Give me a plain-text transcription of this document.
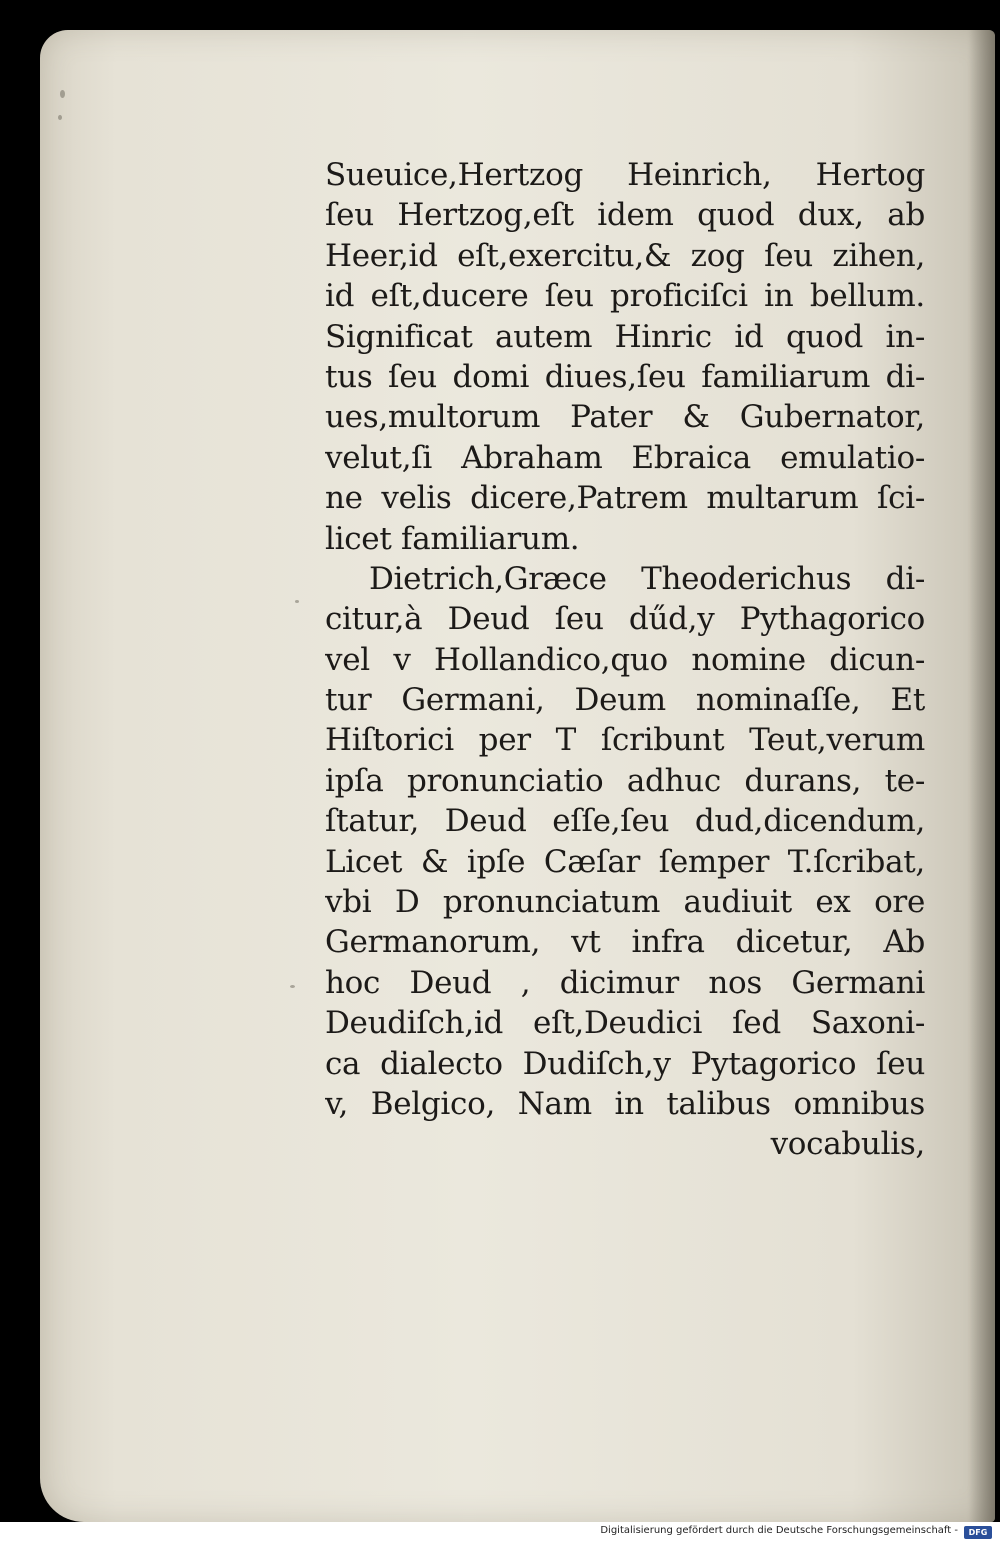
Sueuice,Hertzog Heinrich, Hertog
ſeu Hertzog,eſt idem quod dux, ab
Heer,id eſt,exercitu,& zog ſeu zihen,
id eſt,ducere ſeu proficiſci in bellum.
Significat autem Hinric id quod in-
tus ſeu domi diues,ſeu familiarum di-
ues,multorum Pater & Gubernator,
velut,ſi Abraham Ebraica emulatio-
ne velis dicere,Patrem multarum ſci-
licet familiarum.
Dietrich,Græce Theoderichus di-
citur,à Deud ſeu dűd,y Pythagorico
vel v Hollandico,quo nomine dicun-
tur Germani, Deum nominaſſe, Et
Hiſtorici per T ſcribunt Teut,verum
ipſa pronunciatio adhuc durans, te-
ſtatur, Deud eſſe,ſeu dud,dicendum,
Licet & ipſe Cæſar ſemper T.ſcribat,
vbi D pronunciatum audiuit ex ore
Germanorum, vt infra dicetur, Ab
hoc Deud , dicimur nos Germani
Deudiſch,id eſt,Deudici ſed Saxoni-
ca dialecto Dudiſch,y Pytagorico ſeu
v, Belgico, Nam in talibus omnibus
vocabulis,
Digitalisierung gefördert durch die Deutsche Forschungsgemeinschaft -	DFG
